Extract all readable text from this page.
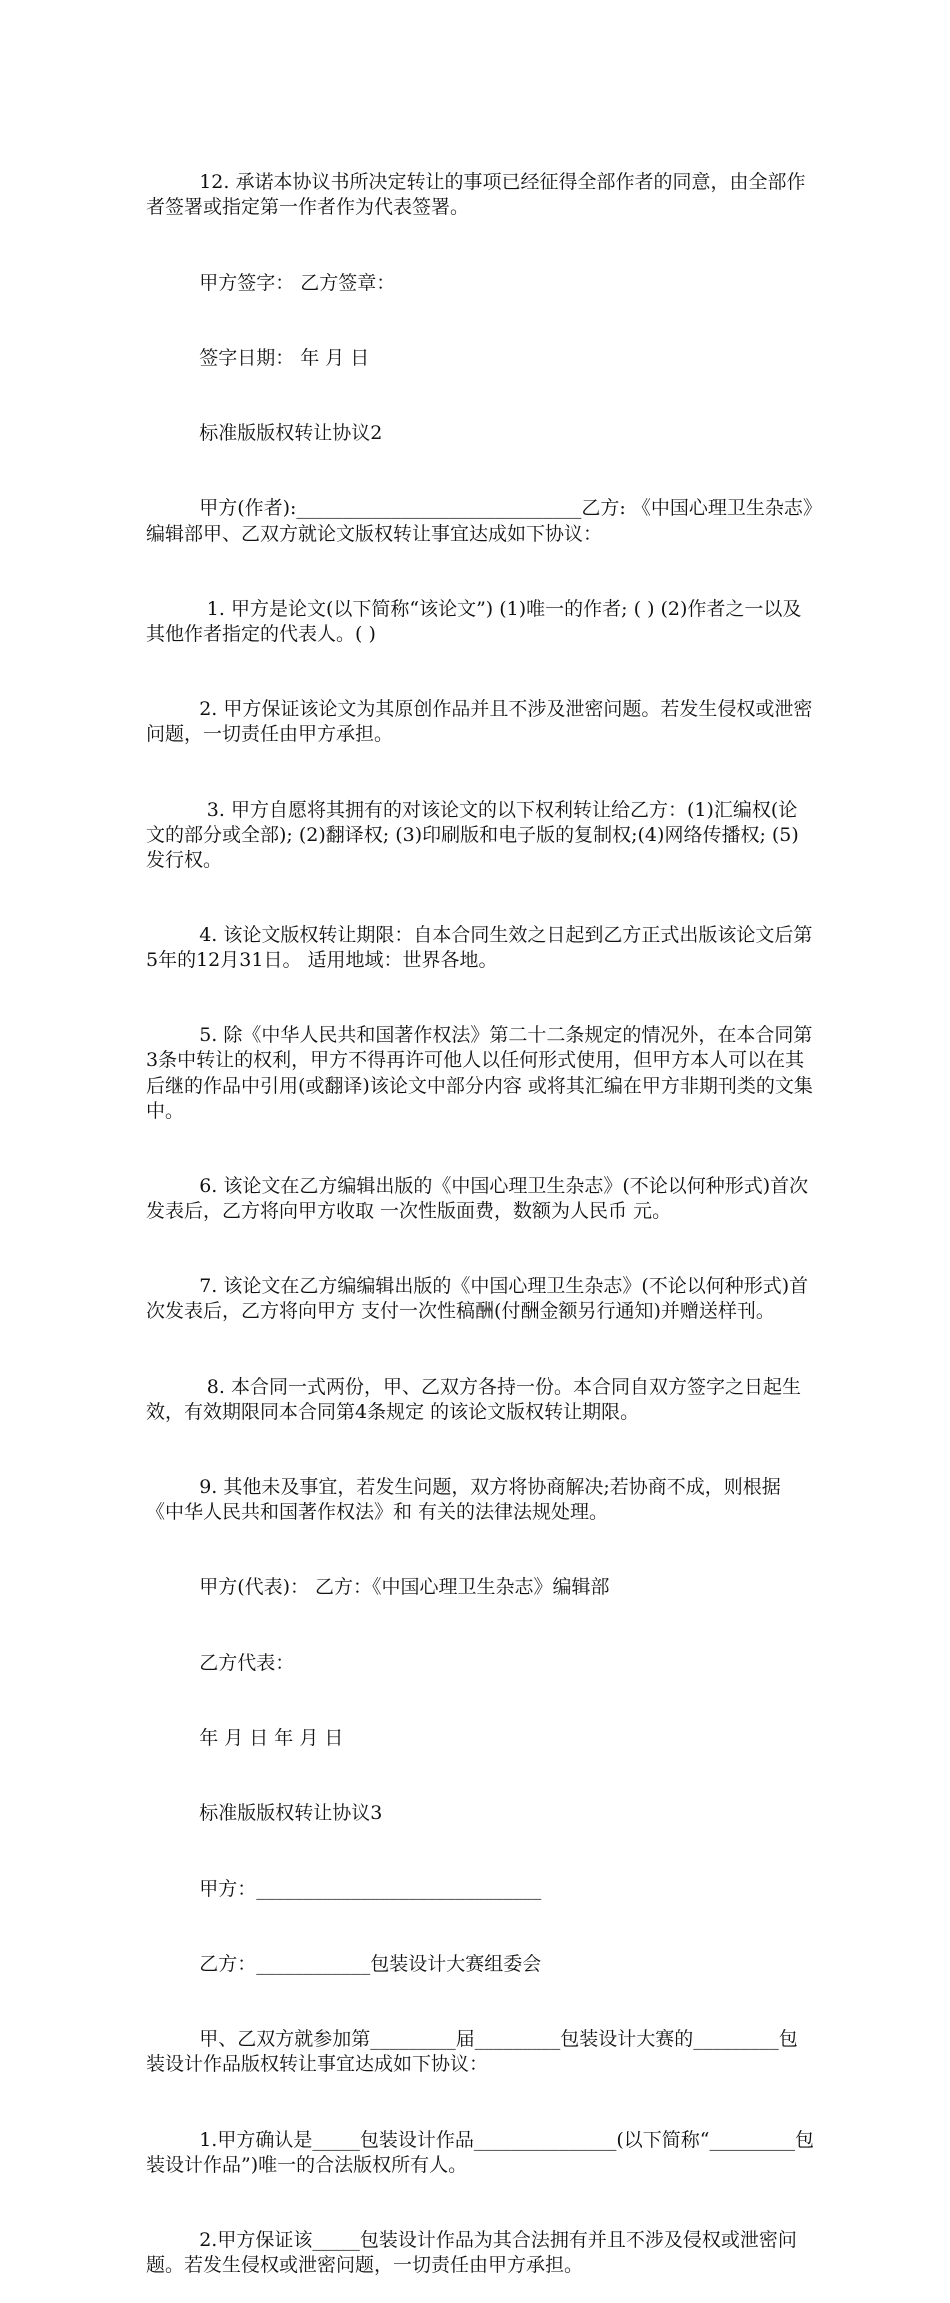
12. 承诺本协议书所决定转让的事项已经征得全部作者的同意，由全部作者签署或指定第一作者作为代表签署。

甲方签字： 乙方签章：

签字日期： 年 月 日

标准版版权转让协议2

甲方(作者):______________________________乙方: 《中国心理卫生杂志》编辑部甲、乙双方就论文版权转让事宜达成如下协议：

1. 甲方是论文(以下简称“该论文”) (1)唯一的作者; ( ) (2)作者之一以及其他作者指定的代表人。( )

2. 甲方保证该论文为其原创作品并且不涉及泄密问题。若发生侵权或泄密问题，一切责任由甲方承担。

3. 甲方自愿将其拥有的对该论文的以下权利转让给乙方：(1)汇编权(论文的部分或全部); (2)翻译权; (3)印刷版和电子版的复制权;(4)网络传播权; (5)发行权。

4. 该论文版权转让期限：自本合同生效之日起到乙方正式出版该论文后第5年的12月31日。 适用地域：世界各地。

5. 除《中华人民共和国著作权法》第二十二条规定的情况外，在本合同第3条中转让的权利，甲方不得再许可他人以任何形式使用，但甲方本人可以在其后继的作品中引用(或翻译)该论文中部分内容 或将其汇编在甲方非期刊类的文集中。

6. 该论文在乙方编辑出版的《中国心理卫生杂志》(不论以何种形式)首次发表后，乙方将向甲方收取 一次性版面费，数额为人民币 元。

7. 该论文在乙方编编辑出版的《中国心理卫生杂志》(不论以何种形式)首次发表后，乙方将向甲方 支付一次性稿酬(付酬金额另行通知)并赠送样刊。

8. 本合同一式两份，甲、乙双方各持一份。本合同自双方签字之日起生效，有效期限同本合同第4条规定 的该论文版权转让期限。

9. 其他未及事宜，若发生问题，双方将协商解决;若协商不成，则根据《中华人民共和国著作权法》和 有关的法律法规处理。

甲方(代表)： 乙方：《中国心理卫生杂志》编辑部

乙方代表：

年 月 日 年 月 日

标准版版权转让协议3

甲方：______________________________

乙方：____________包装设计大赛组委会

甲、乙双方就参加第_________届_________包装设计大赛的_________包装设计作品版权转让事宜达成如下协议：

1.甲方确认是_____包装设计作品_______________(以下简称“_________包装设计作品”)唯一的合法版权所有人。

2.甲方保证该_____包装设计作品为其合法拥有并且不涉及侵权或泄密问题。若发生侵权或泄密问题，一切责任由甲方承担。
